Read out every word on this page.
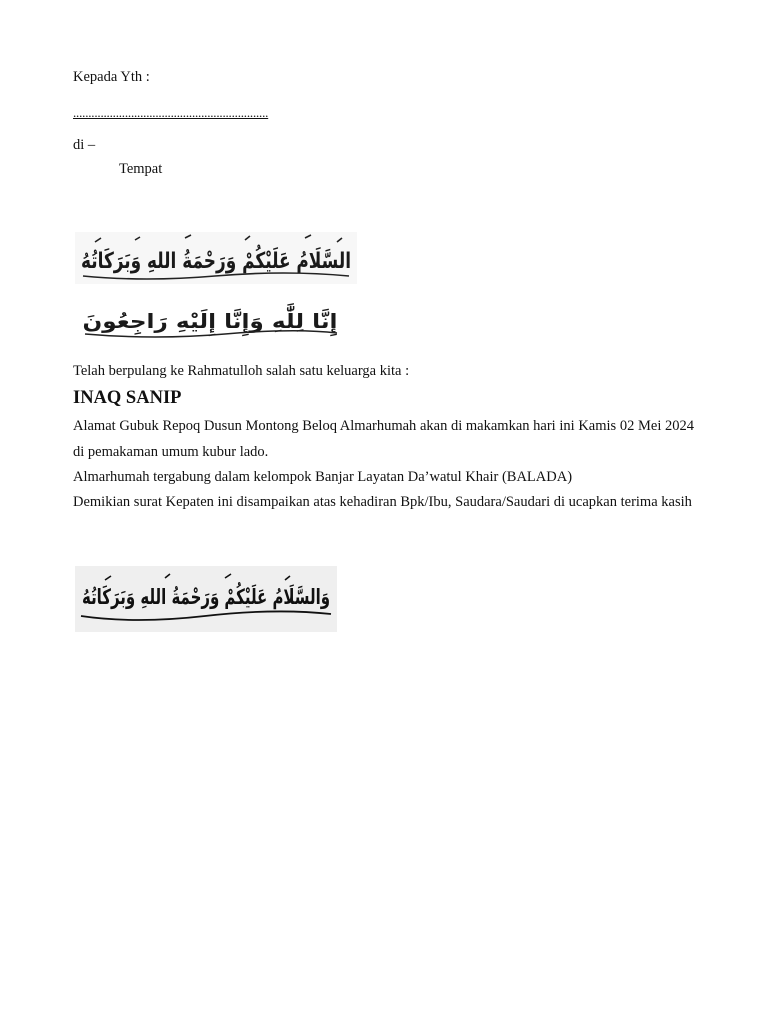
Kepada Yth :
................................................................
di –
Tempat
السَّلَامُ عَلَيْكُمْ وَرَحْمَةُ اللهِ وَبَرَكَاتُهُ
إِنَّا لِلَّٰهِ وَإِنَّا إِلَيْهِ رَاجِعُونَ
Telah berpulang ke Rahmatulloh salah satu keluarga kita :
INAQ SANIP
Alamat Gubuk Repoq Dusun Montong Beloq Almarhumah akan di makamkan hari ini Kamis 02 Mei 2024 di pemakaman umum kubur lado.
Almarhumah tergabung dalam kelompok Banjar Layatan Da’watul Khair (BALADA)
Demikian surat Kepaten ini disampaikan atas kehadiran Bpk/Ibu, Saudara/Saudari di ucapkan terima kasih
وَالسَّلَامُ عَلَيْكُمْ وَرَحْمَةُ اللهِ وَبَرَكَاتُهُ
